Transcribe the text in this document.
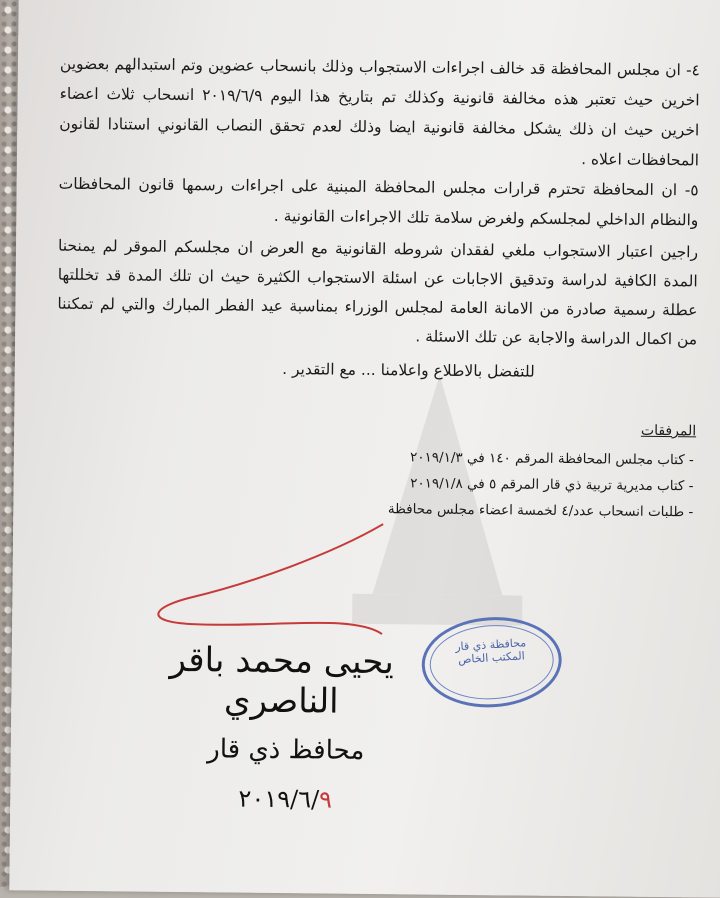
٤- ان مجلس المحافظة قد خالف اجراءات الاستجواب وذلك بانسحاب عضوين وتم استبدالهم بعضوين اخرين حيث تعتبر هذه مخالفة قانونية وكذلك تم بتاريخ هذا اليوم ٢٠١٩/٦/٩ انسحاب ثلاث اعضاء اخرين حيث ان ذلك يشكل مخالفة قانونية ايضا وذلك لعدم تحقق النصاب القانوني استنادا لقانون المحافظات اعلاه .
٥- ان المحافظة تحترم قرارات مجلس المحافظة المبنية على اجراءات رسمها قانون المحافظات والنظام الداخلي لمجلسكم ولغرض سلامة تلك الاجراءات القانونية .
راجين اعتبار الاستجواب ملغي لفقدان شروطه القانونية مع العرض ان مجلسكم الموقر لم يمنحنا المدة الكافية لدراسة وتدقيق الاجابات عن اسئلة الاستجواب الكثيرة حيث ان تلك المدة قد تخللتها عطلة رسمية صادرة من الامانة العامة لمجلس الوزراء بمناسبة عيد الفطر المبارك والتي لم تمكننا من اكمال الدراسة والاجابة عن تلك الاسئلة .
للتفضل بالاطلاع واعلامنا ... مع التقدير .
المرفقات
- كتاب مجلس المحافظة المرقم ١٤٠ في ٢٠١٩/١/٣
- كتاب مديرية تربية ذي قار المرقم ٥ في ٢٠١٩/١/٨
- طلبات انسحاب عدد/٤ لخمسة اعضاء مجلس محافظة
محافظة ذي قار
المكتب الخاص
يحيى محمد باقر الناصري
محافظ ذي قار
٢٠١٩/٦/٩
